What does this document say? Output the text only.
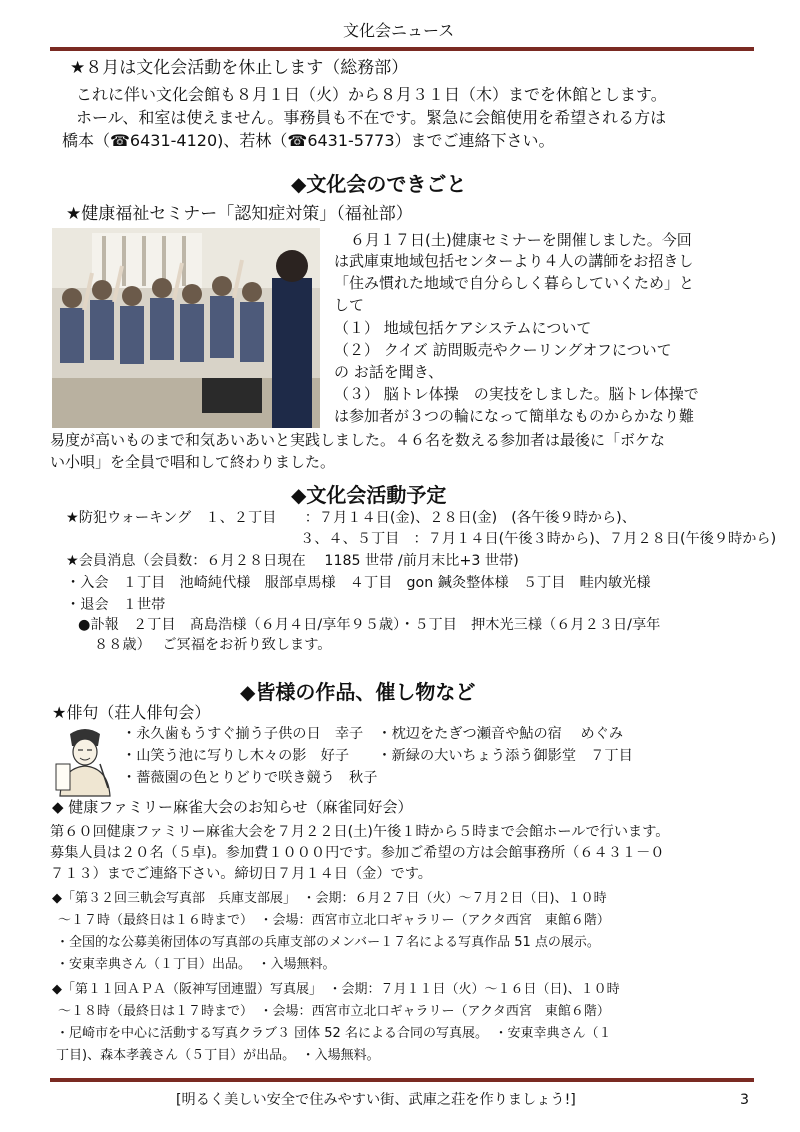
文化会ニュース
★８月は文化会活動を休止します（総務部）
これに伴い文化会館も８月１日（火）から８月３１日（木）までを休館とします。
ホール、和室は使えません。事務員も不在です。緊急に会館使用を希望される方は
橋本（☎6431-4120)、若林（☎6431-5773）までご連絡下さい。
◆文化会のできごと
★健康福祉セミナー「認知症対策」（福祉部）
６月１７日(土)健康セミナーを開催しました。今回
は武庫東地域包括センターより４人の講師をお招きし
「住み慣れた地域で自分らしく暮らしていくため」と
して
（１） 地域包括ケアシステムについて
（２） クイズ 訪問販売やクーリングオフについて
の お話を聞き、
（３） 脳トレ体操　の実技をしました。脳トレ体操で
は参加者が３つの輪になって簡単なものからかなり難
易度が高いものまで和気あいあいと実践しました。４６名を数える参加者は最後に「ボケな
い小唄」を全員で唱和して終わりました。
◆文化会活動予定
★防犯ウォーキング　１、２丁目　　：７月１４日(金)、２８日(金)　(各午後９時から)、
３、４、５丁目　：７月１４日(午後３時から)、７月２８日(午後９時から)
★会員消息（会員数：６月２８日現在　 1185 世帯 /前月末比+3 世帯)
・入会　１丁目　池崎純代様　服部卓馬様　４丁目　gon 鍼灸整体様　５丁目　畦内敏光様
・退会　１世帯
●訃報　２丁目　髙島浩様（６月４日/享年９５歳）・５丁目　押木光三様（６月２３日/享年
８８歳）　 ご冥福をお祈り致します。
◆皆様の作品、催し物など
★俳句（荘人俳句会）
・永久歯もうすぐ揃う子供の日　幸子　・枕辺をたぎつ瀬音や鮎の宿　 めぐみ
・山笑う池に写りし木々の影　好子　　・新緑の大いちょう添う御影堂　７丁目
・薔薇園の色とりどりで咲き競う　秋子
◆ 健康ファミリー麻雀大会のお知らせ（麻雀同好会）
第６０回健康ファミリー麻雀大会を７月２２日(土)午後１時から５時まで会館ホールで行います。
募集人員は２０名（５卓)。参加費１０００円です。参加ご希望の方は会館事務所（６４３１－０
７１３）までご連絡下さい。締切日７月１４日（金）です。
◆「第３２回三軌会写真部　兵庫支部展」　・会期：６月２７日（火）～７月２日（日)、１０時
～１７時（最終日は１６時まで）　・会場：西宮市立北口ギャラリー（アクタ西宮　東館６階）
・全国的な公募美術団体の写真部の兵庫支部のメンバー１７名による写真作品 51 点の展示。
・安東幸典さん（１丁目）出品。　・入場無料。
◆「第１１回ＡＰＡ（阪神写団連盟）写真展」　・会期：７月１１日（火）～１６日（日)、１０時
～１８時（最終日は１７時まで）　・会場：西宮市立北口ギャラリー（アクタ西宮　東館６階）
・尼崎市を中心に活動する写真クラブ３ 団体 52 名による合同の写真展。　・安東幸典さん（１
丁目)、森本孝義さん（５丁目）が出品。　・入場無料。
[明るく美しい安全で住みやすい街、武庫之荘を作りましょう!]	3
